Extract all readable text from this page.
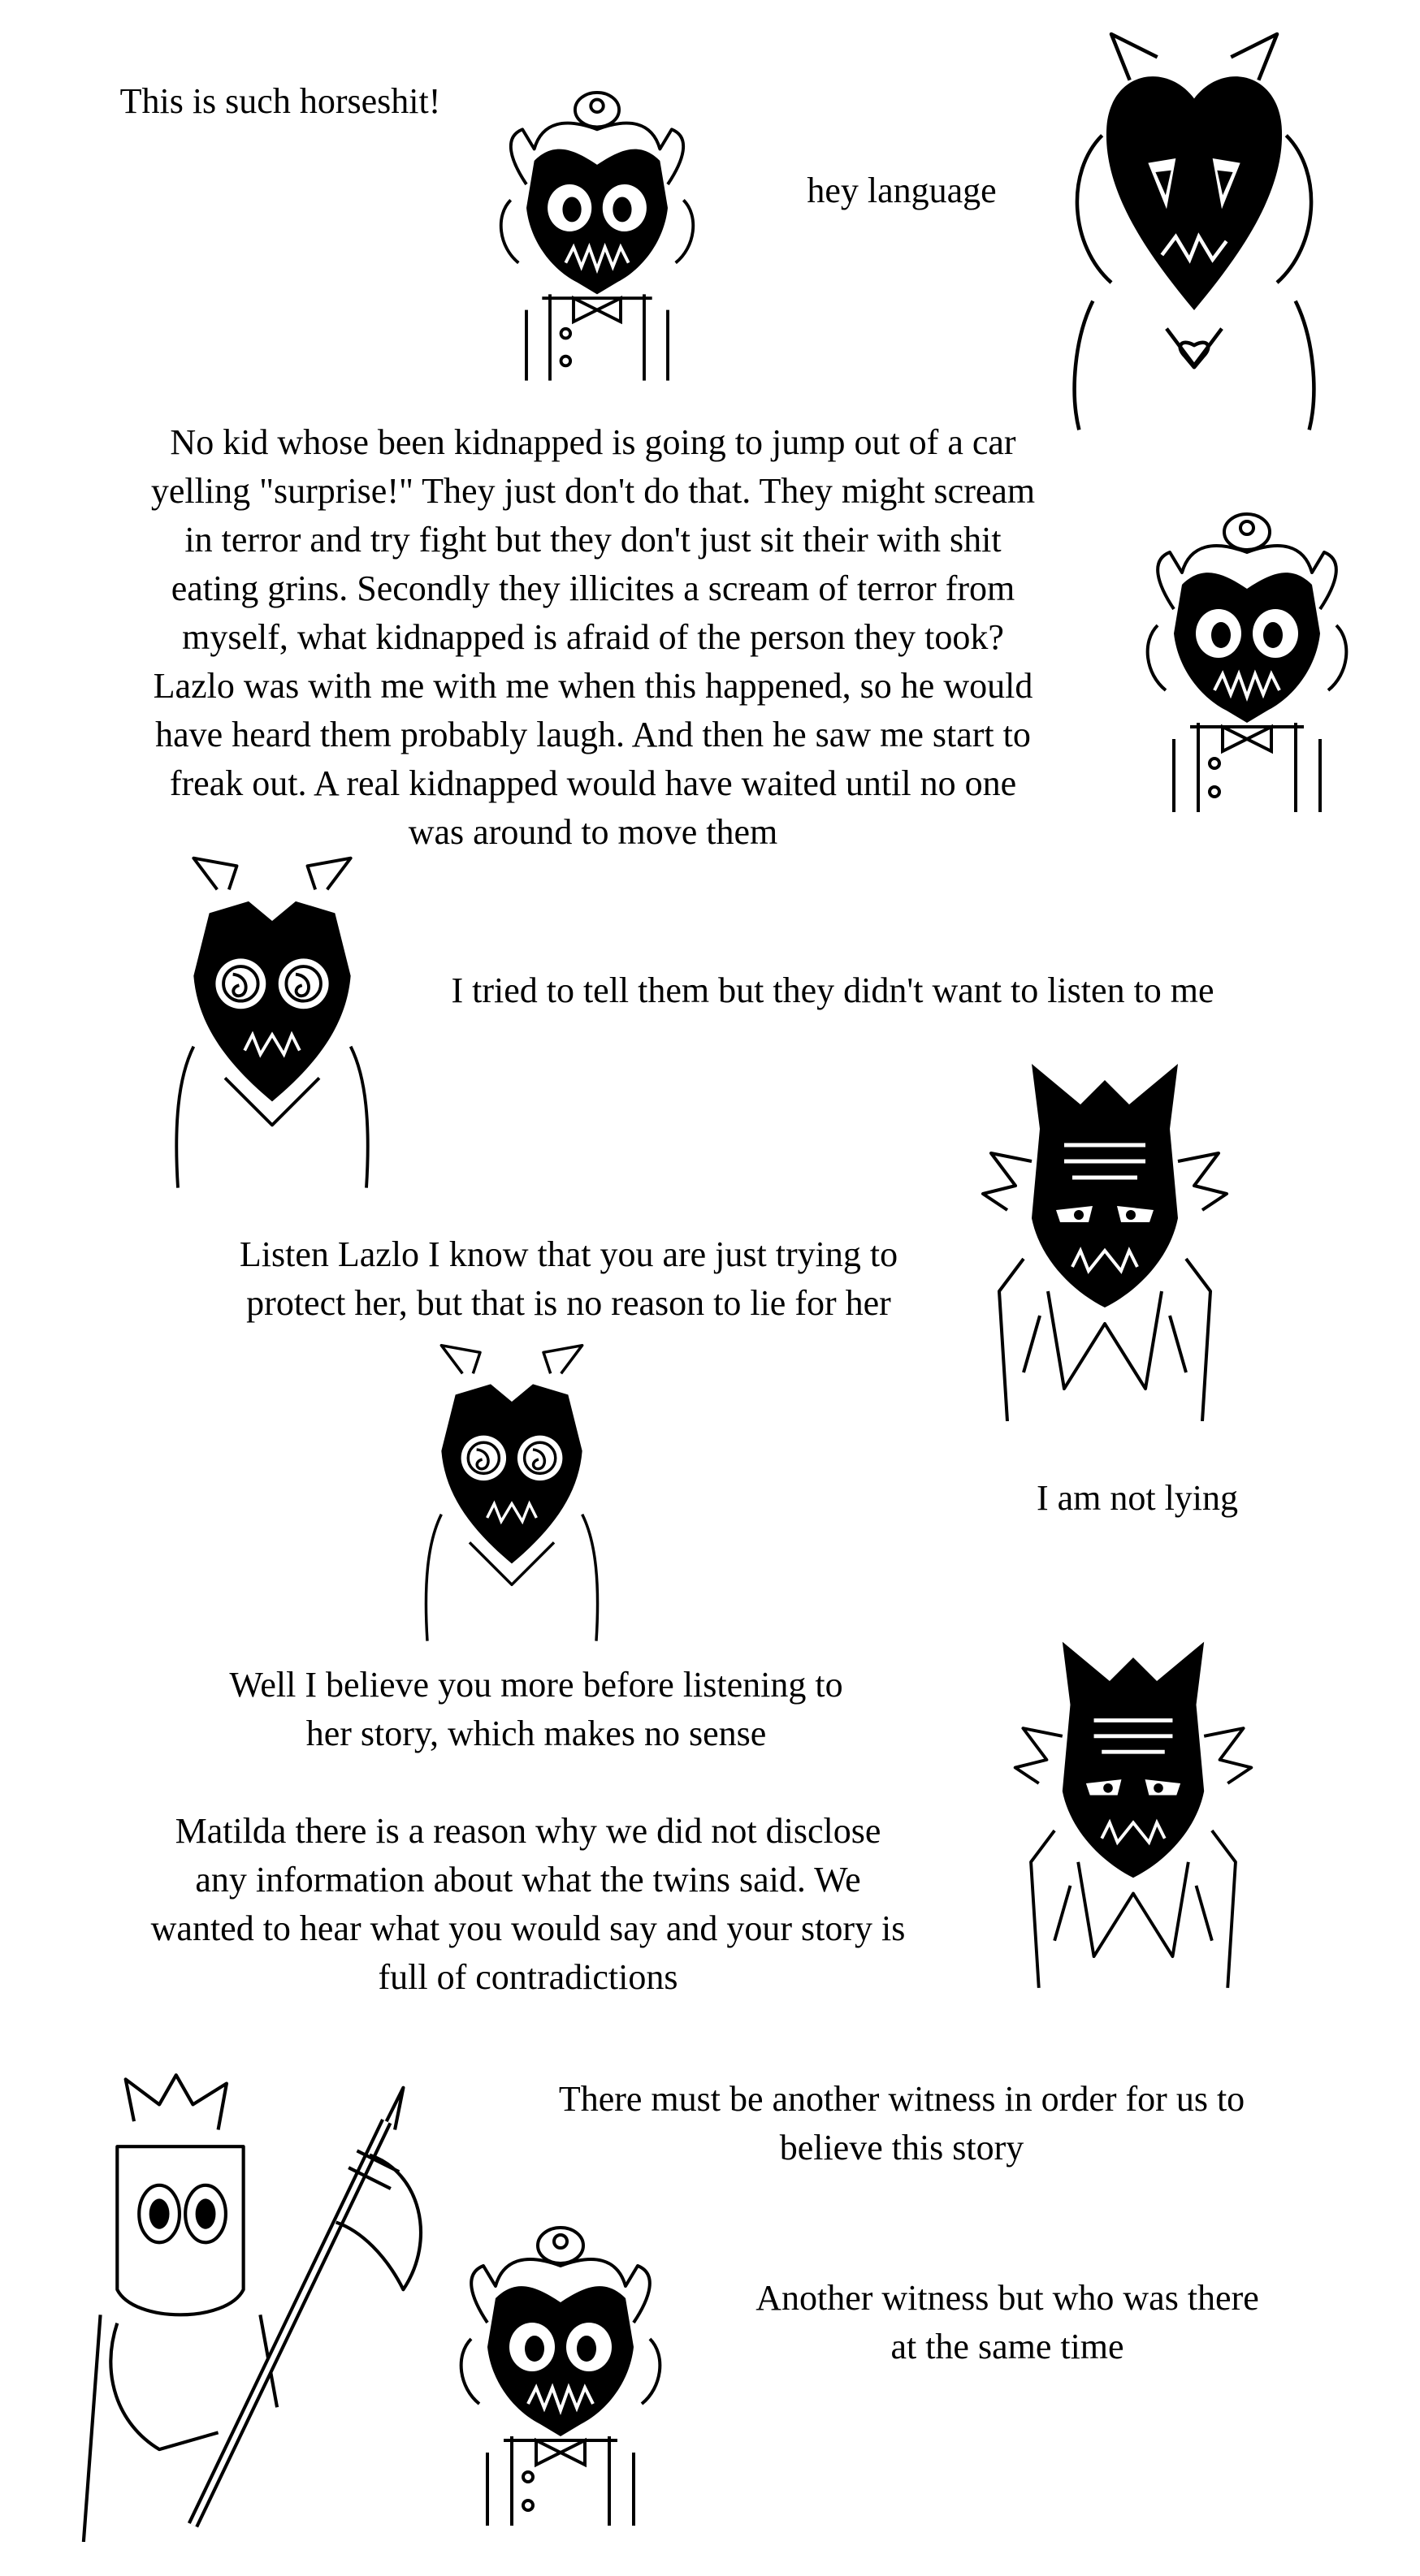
This is such horseshit!
hey language
No kid whose been kidnapped is going to jump out of a car
yelling "surprise!" They just don't do that. They might scream
in terror and try fight but they don't just sit their with shit
eating grins. Secondly they illicites a scream of terror from
myself, what kidnapped is afraid of the person they took?
Lazlo was with me with me when this happened, so he would
have heard them probably laugh. And then he saw me start to
freak out. A real kidnapped would have waited until no one
was around to move them
I tried to tell them but they didn't want to listen to me
Listen Lazlo I know that you are just trying to
protect her, but that is no reason to lie for her
I am not lying
Well I believe you more before listening to
her story, which makes no sense
Matilda there is a reason why we did not disclose
any information about what the twins said. We
wanted to hear what you would say and your story is
full of contradictions
There must be another witness in order for us to
believe this story
Another witness but who was there
at the same time
